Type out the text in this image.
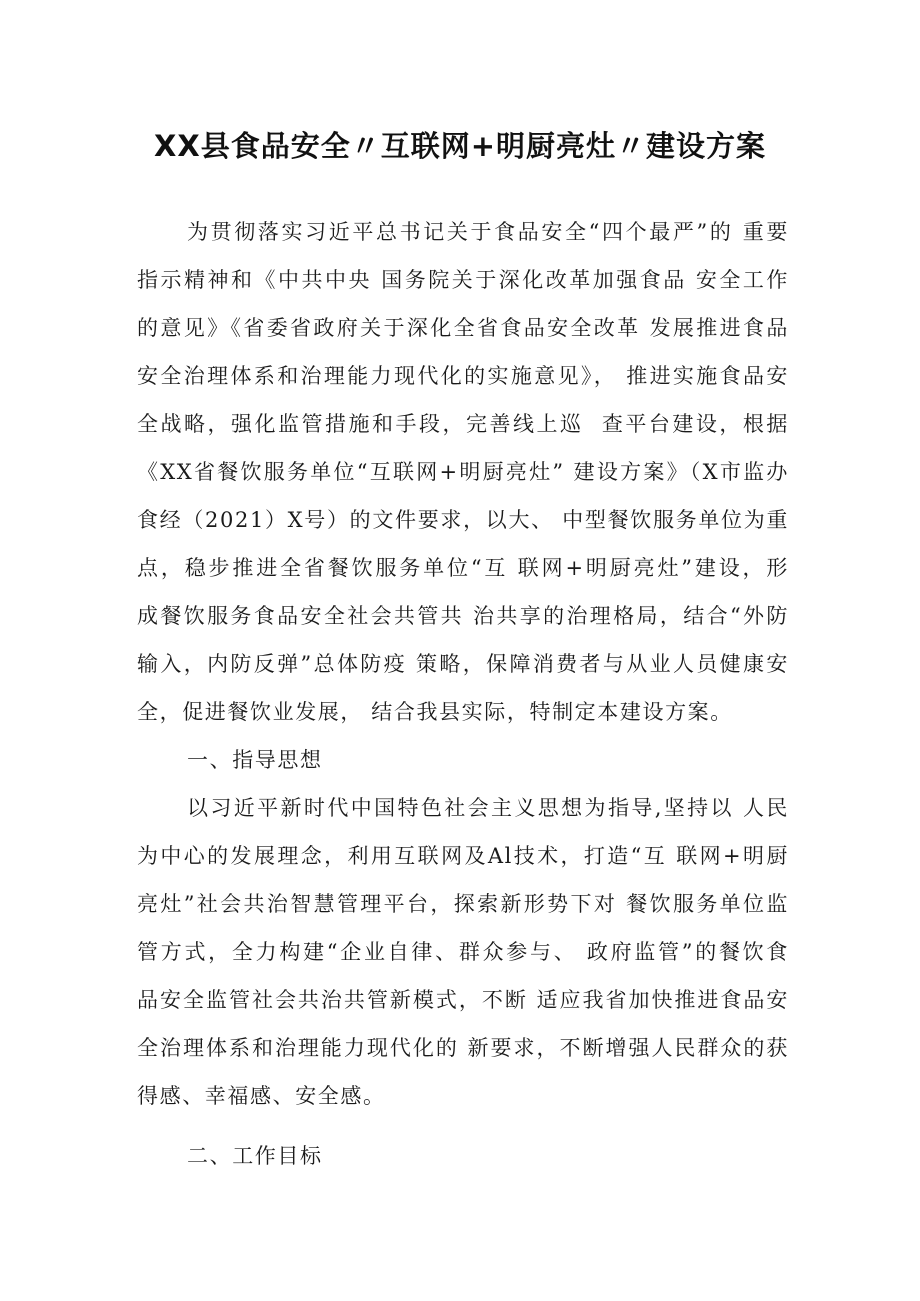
XX县食品安全〃互联网+明厨亮灶〃建设方案
为贯彻落实习近平总书记关于食品安全“四个最严”的 重要
指示精神和《中共中央 国务院关于深化改革加强食品 安全工作
的意见》《省委省政府关于深化全省食品安全改革 发展推进食品
安全治理体系和治理能力现代化的实施意见》， 推进实施食品安
全战略，强化监管措施和手段，完善线上巡  查平台建设，根据
《XX省餐饮服务单位“互联网+明厨亮灶” 建设方案》（X市监办
食经（2021）X号）的文件要求，以大、 中型餐饮服务单位为重
点，稳步推进全省餐饮服务单位“互 联网+明厨亮灶”建设，形
成餐饮服务食品安全社会共管共 治共享的治理格局，结合“外防
输入，内防反弹”总体防疫 策略，保障消费者与从业人员健康安
全，促进餐饮业发展， 结合我县实际，特制定本建设方案。
一、指导思想
以习近平新时代中国特色社会主义思想为指导,坚持以 人民
为中心的发展理念，利用互联网及Al技术，打造“互 联网+明厨
亮灶”社会共治智慧管理平台，探索新形势下对 餐饮服务单位监
管方式，全力构建“企业自律、群众参与、 政府监管”的餐饮食
品安全监管社会共治共管新模式，不断 适应我省加快推进食品安
全治理体系和治理能力现代化的 新要求，不断增强人民群众的获
得感、幸福感、安全感。
二、工作目标
